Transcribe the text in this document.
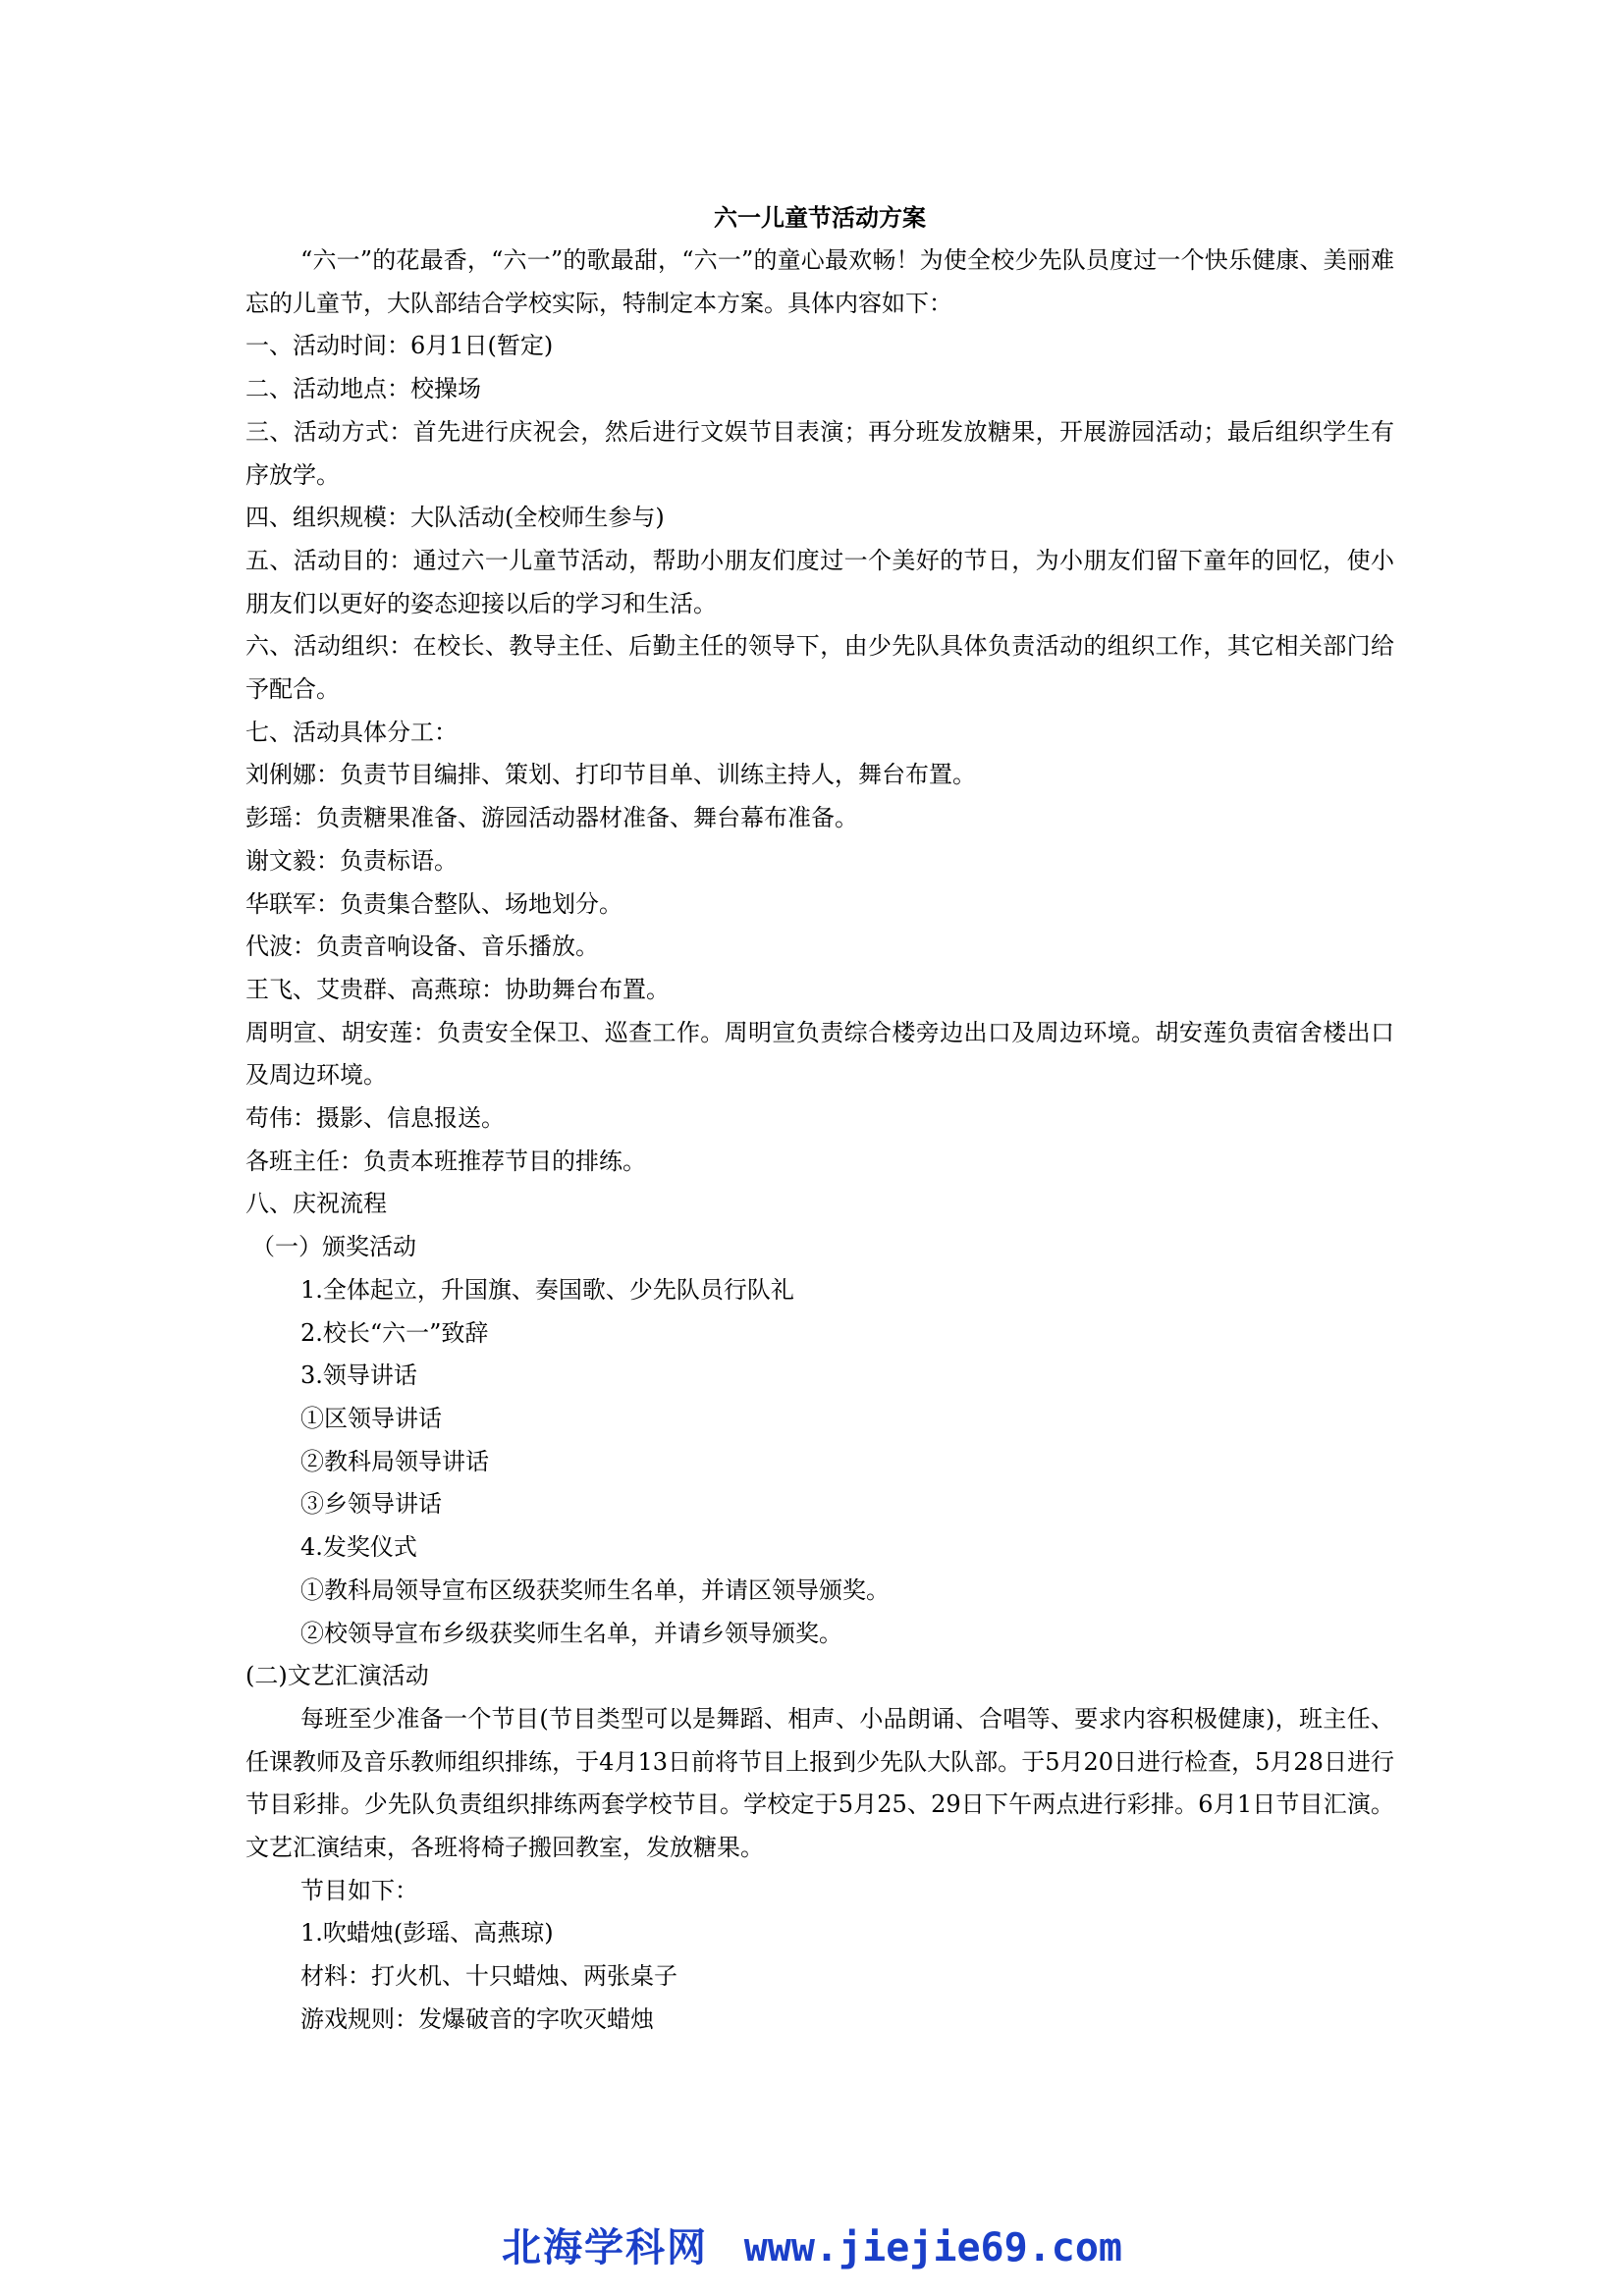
六一儿童节活动方案

“六一”的花最香，“六一”的歌最甜，“六一”的童心最欢畅！为使全校少先队员度过一个快乐健康、美丽难忘的儿童节，大队部结合学校实际，特制定本方案。具体内容如下：

一、活动时间：6月1日(暂定)

二、活动地点：校操场

三、活动方式：首先进行庆祝会，然后进行文娱节目表演；再分班发放糖果，开展游园活动；最后组织学生有序放学。

四、组织规模：大队活动(全校师生参与)

五、活动目的：通过六一儿童节活动，帮助小朋友们度过一个美好的节日，为小朋友们留下童年的回忆，使小朋友们以更好的姿态迎接以后的学习和生活。

六、活动组织：在校长、教导主任、后勤主任的领导下，由少先队具体负责活动的组织工作，其它相关部门给予配合。

七、活动具体分工：

刘俐娜：负责节目编排、策划、打印节目单、训练主持人，舞台布置。

彭瑶：负责糖果准备、游园活动器材准备、舞台幕布准备。

谢文毅：负责标语。

华联军：负责集合整队、场地划分。

代波：负责音响设备、音乐播放。

王飞、艾贵群、高燕琼：协助舞台布置。

周明宣、胡安莲：负责安全保卫、巡查工作。周明宣负责综合楼旁边出口及周边环境。胡安莲负责宿舍楼出口及周边环境。

苟伟：摄影、信息报送。

各班主任：负责本班推荐节目的排练。

八、庆祝流程

（一）颁奖活动

1.全体起立，升国旗、奏国歌、少先队员行队礼

2.校长“六一”致辞

3.领导讲话

①区领导讲话

②教科局领导讲话

③乡领导讲话

4.发奖仪式

①教科局领导宣布区级获奖师生名单，并请区领导颁奖。

②校领导宣布乡级获奖师生名单，并请乡领导颁奖。

(二)文艺汇演活动

每班至少准备一个节目(节目类型可以是舞蹈、相声、小品朗诵、合唱等、要求内容积极健康)，班主任、任课教师及音乐教师组织排练，于4月13日前将节目上报到少先队大队部。于5月20日进行检查，5月28日进行节目彩排。少先队负责组织排练两套学校节目。学校定于5月25、29日下午两点进行彩排。6月1日节目汇演。文艺汇演结束，各班将椅子搬回教室，发放糖果。

节目如下：

1.吹蜡烛(彭瑶、高燕琼)

材料：打火机、十只蜡烛、两张桌子

游戏规则：发爆破音的字吹灭蜡烛

北海学科网 www.jiejie69.com
